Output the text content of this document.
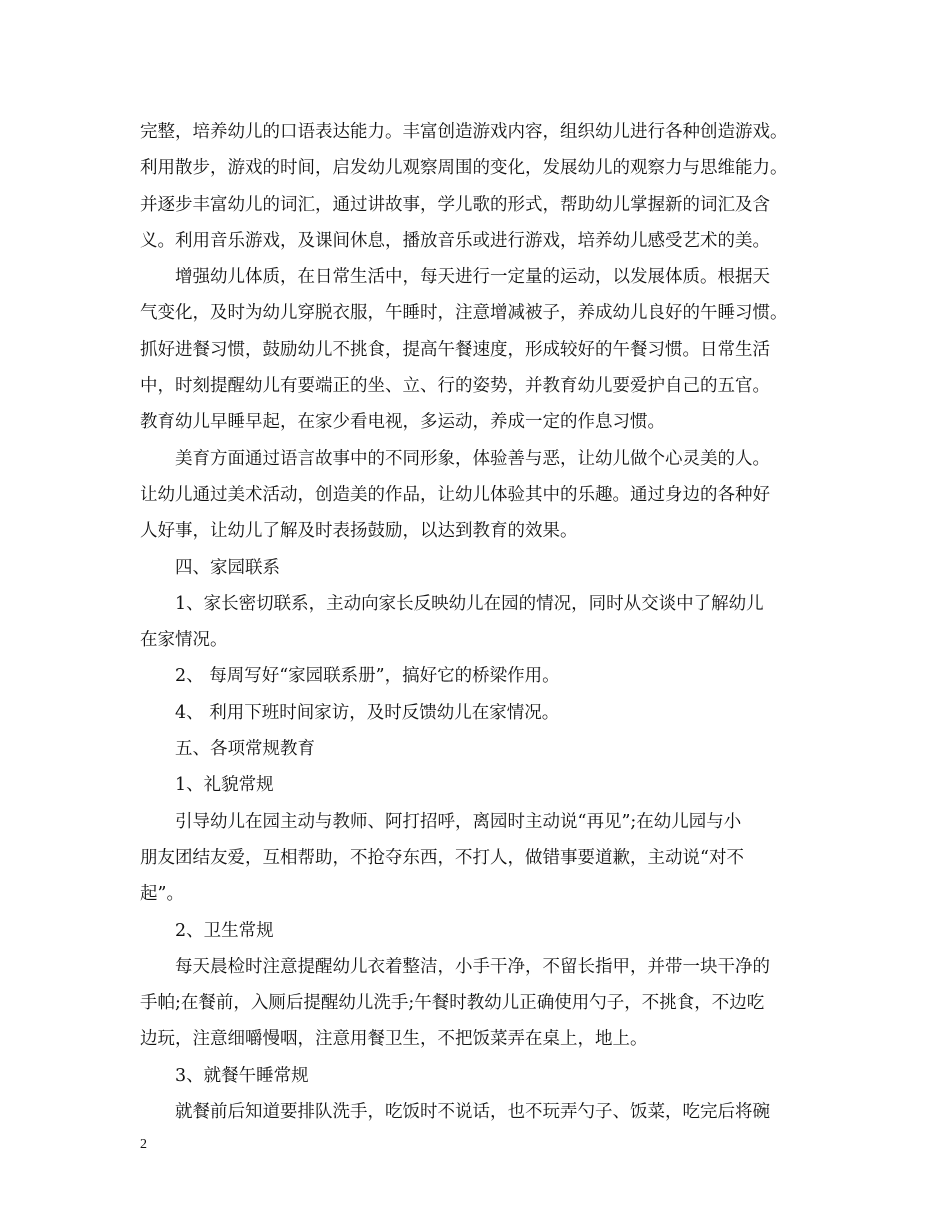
完整，培养幼儿的口语表达能力。丰富创造游戏内容，组织幼儿进行各种创造游戏。
利用散步，游戏的时间，启发幼儿观察周围的变化，发展幼儿的观察力与思维能力。
并逐步丰富幼儿的词汇，通过讲故事，学儿歌的形式，帮助幼儿掌握新的词汇及含
义。利用音乐游戏，及课间休息，播放音乐或进行游戏，培养幼儿感受艺术的美。
增强幼儿体质，在日常生活中，每天进行一定量的运动，以发展体质。根据天
气变化，及时为幼儿穿脱衣服，午睡时，注意增减被子，养成幼儿良好的午睡习惯。
抓好进餐习惯，鼓励幼儿不挑食，提高午餐速度，形成较好的午餐习惯。日常生活
中，时刻提醒幼儿有要端正的坐、立、行的姿势，并教育幼儿要爱护自己的五官。
教育幼儿早睡早起，在家少看电视，多运动，养成一定的作息习惯。
美育方面通过语言故事中的不同形象，体验善与恶，让幼儿做个心灵美的人。
让幼儿通过美术活动，创造美的作品，让幼儿体验其中的乐趣。通过身边的各种好
人好事，让幼儿了解及时表扬鼓励，以达到教育的效果。
四、家园联系
1、家长密切联系，主动向家长反映幼儿在园的情况，同时从交谈中了解幼儿
在家情况。
2、 每周写好“家园联系册”，搞好它的桥梁作用。
4、 利用下班时间家访，及时反馈幼儿在家情况。
五、各项常规教育
1、礼貌常规
引导幼儿在园主动与教师、阿打招呼，离园时主动说“再见”;在幼儿园与小
朋友团结友爱，互相帮助，不抢夺东西，不打人，做错事要道歉，主动说“对不
起”。
2、卫生常规
每天晨检时注意提醒幼儿衣着整洁，小手干净，不留长指甲，并带一块干净的
手帕;在餐前，入厕后提醒幼儿洗手;午餐时教幼儿正确使用勺子，不挑食，不边吃
边玩，注意细嚼慢咽，注意用餐卫生，不把饭菜弄在桌上，地上。
3、就餐午睡常规
就餐前后知道要排队洗手，吃饭时不说话，也不玩弄勺子、饭菜，吃完后将碗
2
